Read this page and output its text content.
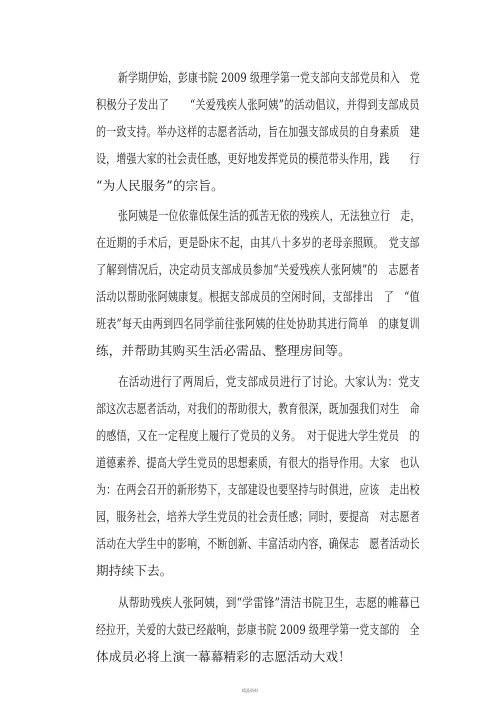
新学期伊始，彭康书院 2009 级理学第一党支部向支部党员和入　党
积极分子发出了　　“关爱残疾人张阿姨”的活动倡议，并得到支部成员
的一致支持。举办这样的志愿者活动，旨在加强支部成员的自身素质　建
设，增强大家的社会责任感，更好地发挥党员的模范带头作用，践　　行
“为人民服务”的宗旨。
张阿姨是一位依靠低保生活的孤苦无依的残疾人，无法独立行　走，
在近期的手术后，更是卧床不起，由其八十多岁的老母亲照顾。　党支部
了解到情况后，决定动员支部成员参加“关爱残疾人张阿姨”的　志愿者
活动以帮助张阿姨康复。根据支部成员的空闲时间，支部排出　了　“值
班表”每天由两到四名同学前往张阿姨的住处协助其进行简单　的康复训
练，并帮助其购买生活必需品、整理房间等。
在活动进行了两周后，党支部成员进行了讨论。大家认为：党支
部这次志愿者活动，对我们的帮助很大，教育很深，既加强我们对生　命
的感悟，又在一定程度上履行了党员的义务。　对于促进大学生党员　的
道德素养、提高大学生党员的思想素质，有很大的指导作用。大家　也认
为：在两会召开的新形势下，支部建设也要坚持与时俱进，应该　走出校
园，服务社会，培养大学生党员的社会责任感；同时，要提高　对志愿者
活动在大学生中的影响，不断创新、丰富活动内容，确保志　愿者活动长
期持续下去。
从帮助残疾人张阿姨，到“学雷锋”清洁书院卫生，志愿的帷幕已
经拉开，关爱的大鼓已经敲响，彭康书院 2009 级理学第一党支部的　全
体成员必将上演一幕幕精彩的志愿活动大戏！
精品资料
